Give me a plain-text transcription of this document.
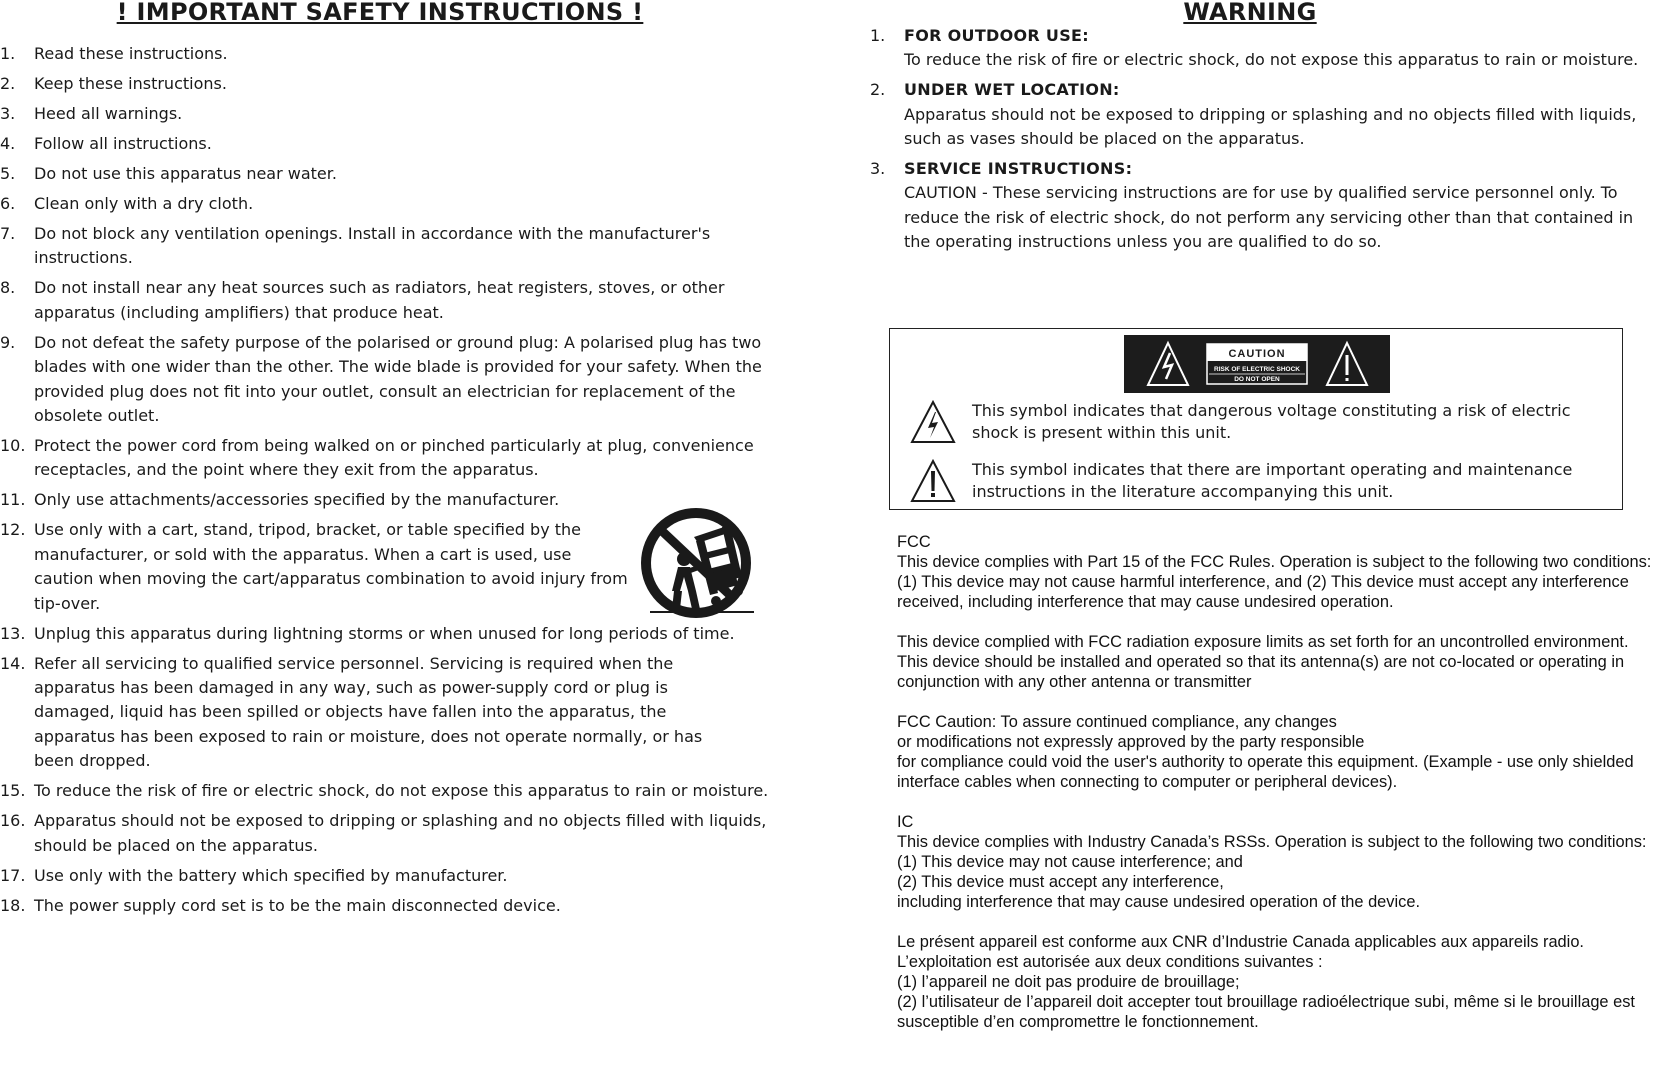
! IMPORTANT SAFETY INSTRUCTIONS !
1.	Read these instructions.
2.	Keep these instructions.
3.	Heed all warnings.
4.	Follow all instructions.
5.	Do not use this apparatus near water.
6.	Clean only with a dry cloth.
7.	Do not block any ventilation openings. Install in accordance with the manufacturer's instructions.
8.	Do not install near any heat sources such as radiators, heat registers, stoves, or other apparatus (including amplifiers) that produce heat.
9.	Do not defeat the safety purpose of the polarised or ground plug: A polarised plug has two blades with one wider than the other. The wide blade is provided for your safety. When the provided plug does not fit into your outlet, consult an electrician for replacement of the obsolete outlet.
10. Protect the power cord from being walked on or pinched particularly at plug, convenience receptacles, and the point where they exit from the apparatus.
11. Only use attachments/accessories specified by the manufacturer.
12. Use only with a cart, stand, tripod, bracket, or table specified by the manufacturer, or sold with the apparatus. When a cart is used, use caution when moving the cart/apparatus combination to avoid injury from tip-over.
13. Unplug this apparatus during lightning storms or when unused for long periods of time.
14. Refer all servicing to qualified service personnel. Servicing is required when the apparatus has been damaged in any way, such as power-supply cord or plug is damaged, liquid has been spilled or objects have fallen into the apparatus, the apparatus has been exposed to rain or moisture, does not operate normally, or has been dropped.
15. To reduce the risk of fire or electric shock, do not expose this apparatus to rain or moisture.
16. Apparatus should not be exposed to dripping or splashing and no objects filled with liquids, should be placed on the apparatus.
17. Use only with the battery which specified by manufacturer.
18. The power supply cord set is to be the main disconnected device.
WARNING
1.	FOR OUTDOOR USE:
To reduce the risk of fire or electric shock, do not expose this apparatus to rain or moisture.
2.	UNDER WET LOCATION:
Apparatus should not be exposed to dripping or splashing and no objects filled with liquids, such as vases should be placed on the apparatus.
3.	SERVICE INSTRUCTIONS:
CAUTION - These servicing instructions are for use by qualified service personnel only. To reduce the risk of electric shock, do not perform any servicing other than that contained in the operating instructions unless you are qualified to do so.
CAUTION
RISK OF ELECTRIC SHOCK
DO NOT OPEN
This symbol indicates that dangerous voltage constituting a risk of electric shock is present within this unit.
This symbol indicates that there are important operating and maintenance instructions in the literature accompanying this unit.
FCC
This device complies with Part 15 of the FCC Rules. Operation is subject to the following two conditions:
(1) This device may not cause harmful interference, and (2) This device must accept any interference received, including interference that may cause undesired operation.

This device complied with FCC radiation exposure limits as set forth for an uncontrolled environment.
This device should be installed and operated so that its antenna(s) are not co-located or operating in conjunction with any other antenna or transmitter

FCC Caution: To assure continued compliance, any changes
or modifications not expressly approved by the party responsible
for compliance could void the user's authority to operate this equipment. (Example - use only shielded interface cables when connecting to computer or peripheral devices).

IC
This device complies with Industry Canada’s RSSs. Operation is subject to the following two conditions:
(1) This device may not cause interference; and
(2) This device must accept any interference,
including interference that may cause undesired operation of the device.

Le présent appareil est conforme aux CNR d’Industrie Canada applicables aux appareils radio. L’exploitation est autorisée aux deux conditions suivantes :
(1) l’appareil ne doit pas produire de brouillage;
(2) l’utilisateur de l’appareil doit accepter tout brouillage radioélectrique subi, même si le brouillage est susceptible d’en compromettre le fonctionnement.
